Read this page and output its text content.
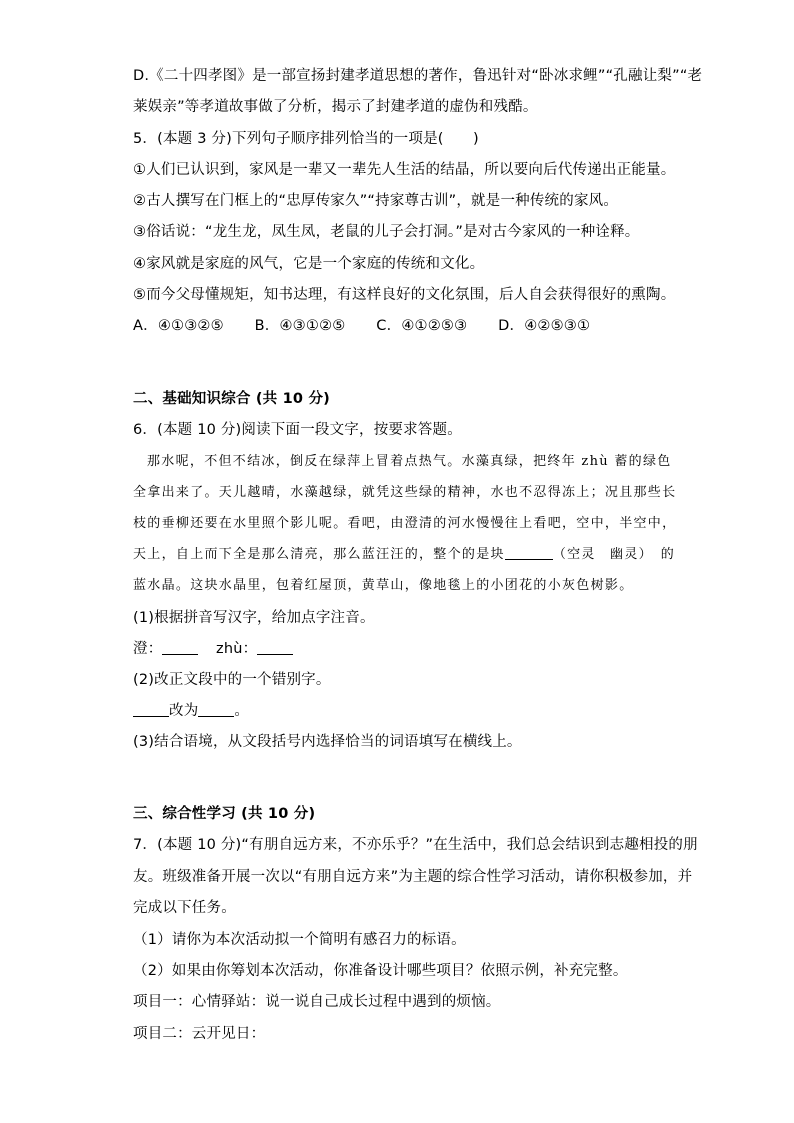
D.《二十四孝图》是一部宣扬封建孝道思想的著作，鲁迅针对“卧冰求鲤”“孔融让梨”“老
莱娱亲”等孝道故事做了分析，揭示了封建孝道的虚伪和残酷。
5．(本题 3 分)下列句子顺序排列恰当的一项是(　　)
①人们已认识到，家风是一辈又一辈先人生活的结晶，所以要向后代传递出正能量。
②古人撰写在门框上的“忠厚传家久”“持家尊古训”，就是一种传统的家风。
③俗话说：“龙生龙，凤生凤，老鼠的儿子会打洞。”是对古今家风的一种诠释。
④家风就是家庭的风气，它是一个家庭的传统和文化。
⑤而今父母懂规矩，知书达理，有这样良好的文化氛围，后人自会获得很好的熏陶。
A．④①③②⑤ B．④③①②⑤ C．④①②⑤③ D．④②⑤③①
二、基础知识综合 (共 10 分)
6．(本题 10 分)阅读下面一段文字，按要求答题。
那水呢，不但不结冰，倒反在绿萍上冒着点热气。水藻真绿，把终年 zhù 蓄的绿色
全拿出来了。天儿越晴，水藻越绿，就凭这些绿的精神，水也不忍得冻上；况且那些长
枝的垂柳还要在水里照个影儿呢。看吧，由澄清的河水慢慢往上看吧，空中，半空中，
天上，自上而下全是那么清亮，那么蓝汪汪的，整个的是块	（空灵　幽灵）　的
蓝水晶。这块水晶里，包着红屋顶，黄草山，像地毯上的小团花的小灰色树影。
(1)根据拼音写汉字，给加点字注音。
澄：	zhù：
(2)改正文段中的一个错别字。
改为 。
(3)结合语境，从文段括号内选择恰当的词语填写在横线上。
三、综合性学习 (共 10 分)
7．(本题 10 分)“有朋自远方来，不亦乐乎？”在生活中，我们总会结识到志趣相投的朋
友。班级准备开展一次以“有朋自远方来”为主题的综合性学习活动，请你积极参加，并
完成以下任务。
（1）请你为本次活动拟一个简明有感召力的标语。
（2）如果由你筹划本次活动，你准备设计哪些项目？依照示例，补充完整。
项目一：心情驿站：说一说自己成长过程中遇到的烦恼。
项目二：云开见日：
